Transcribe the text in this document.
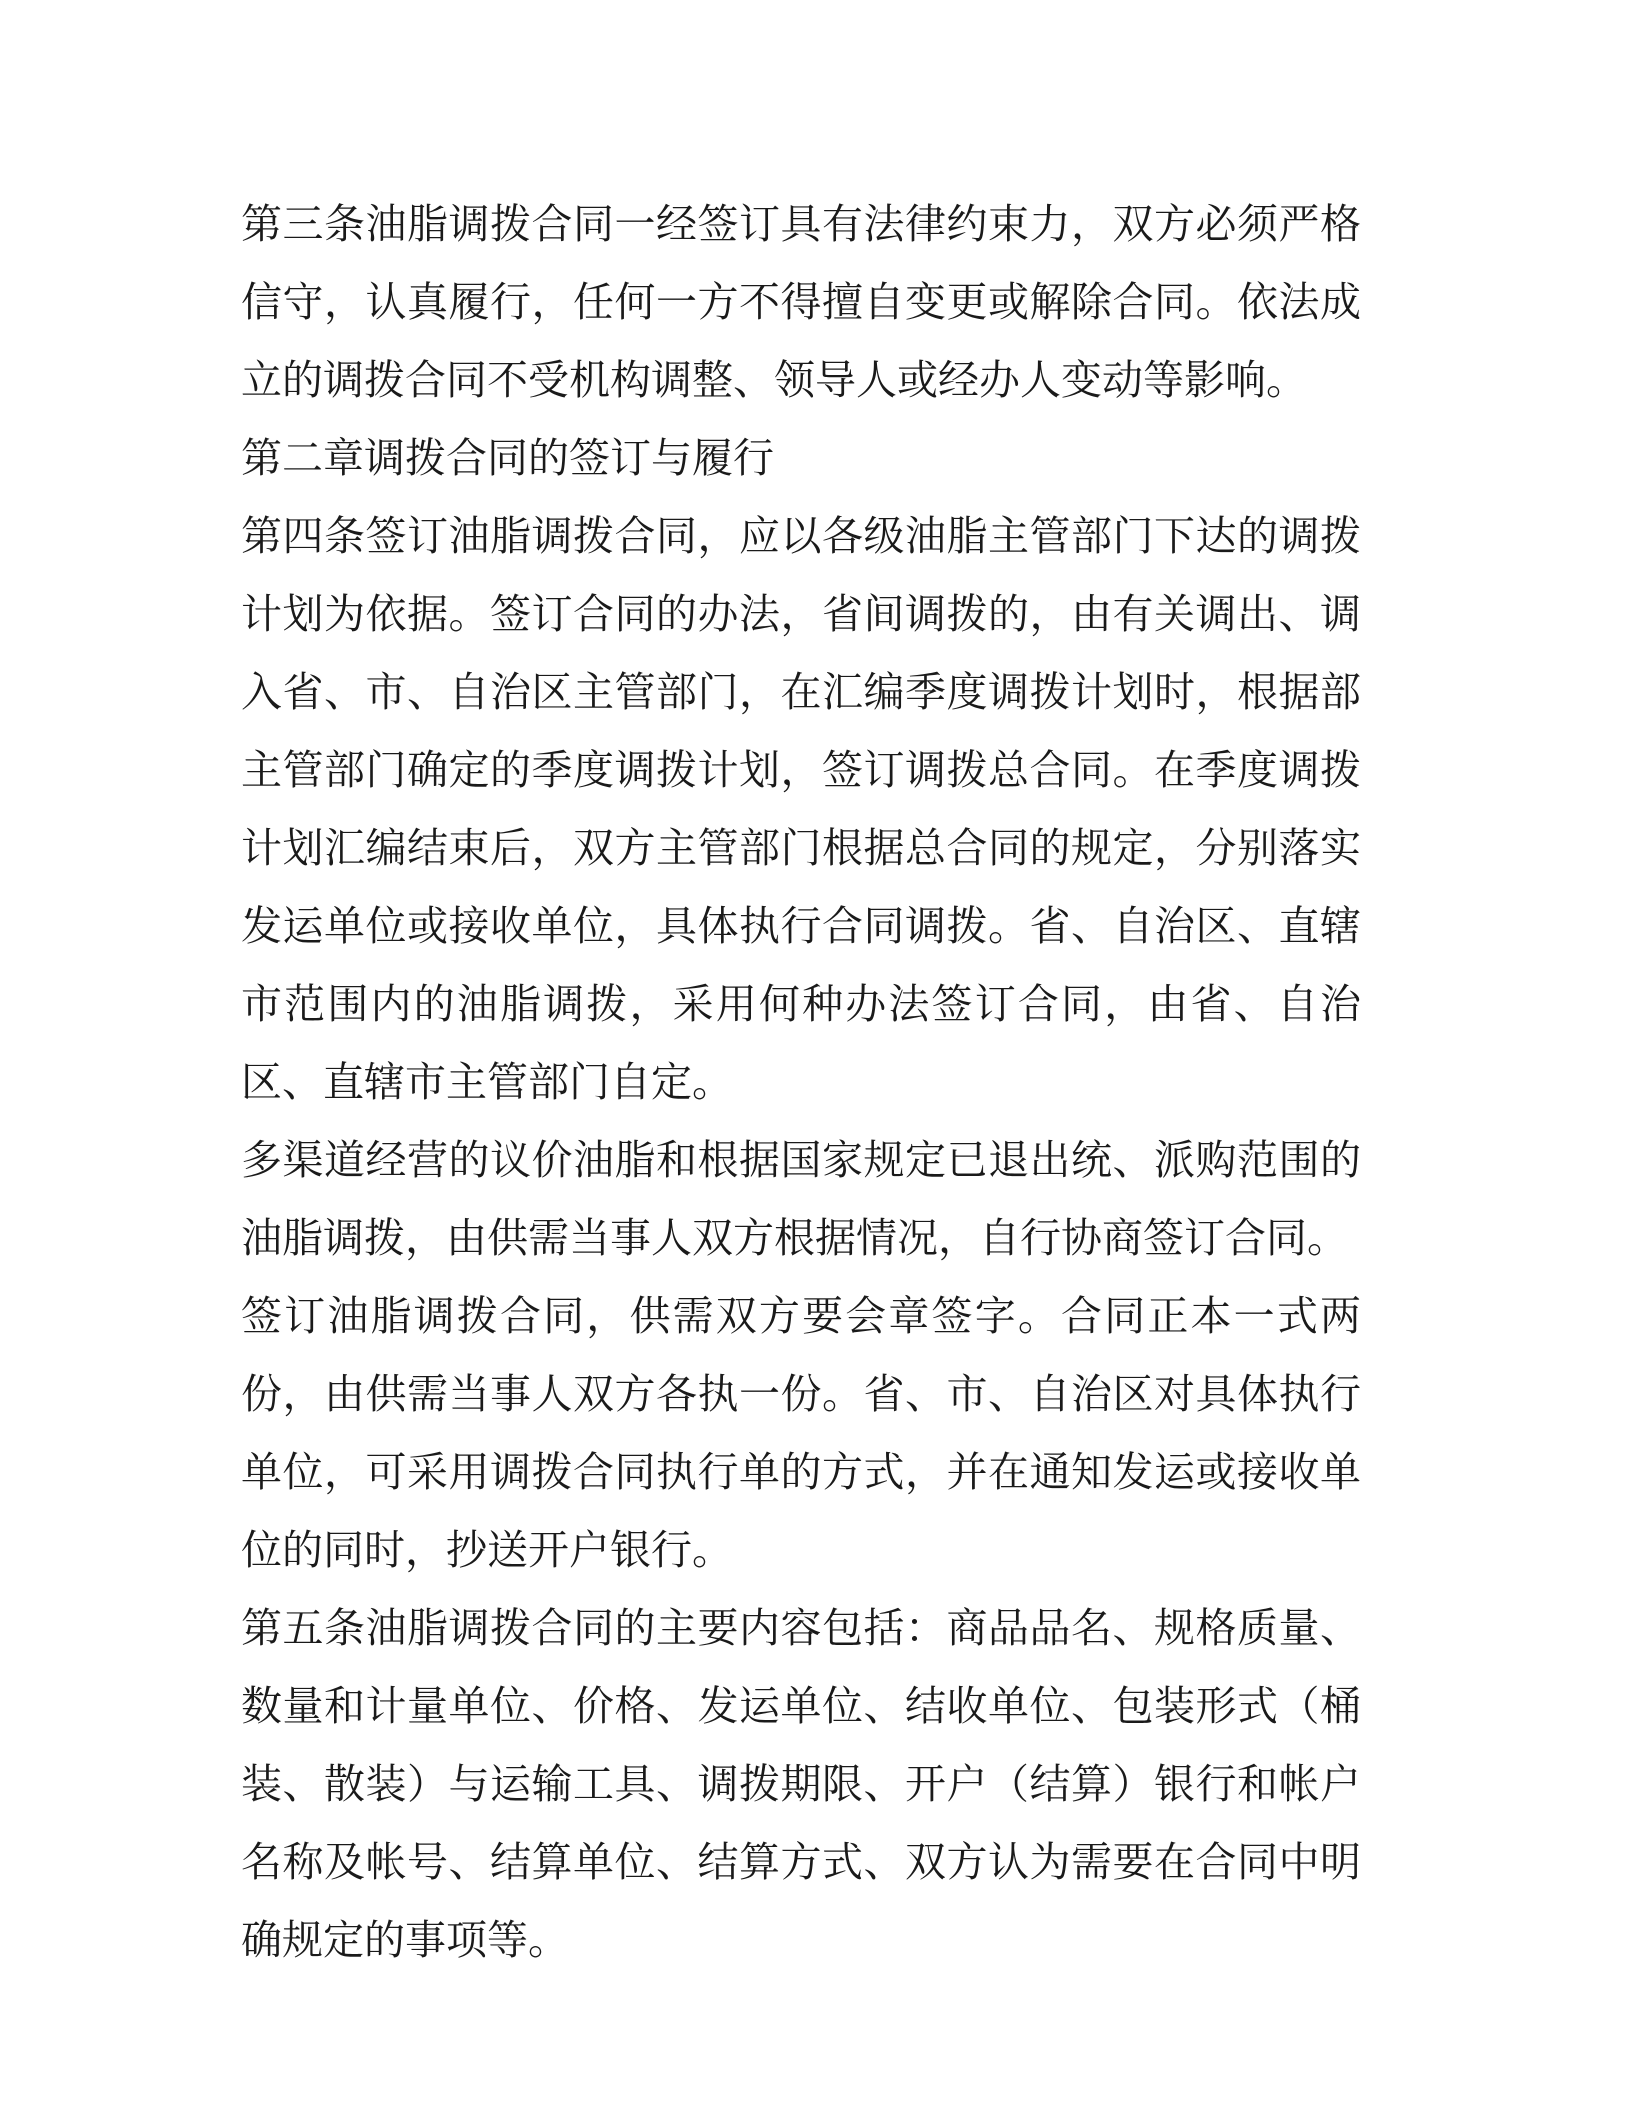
第三条油脂调拨合同一经签订具有法律约束力，双方必须严格信守，认真履行，任何一方不得擅自变更或解除合同。依法成立的调拨合同不受机构调整、领导人或经办人变动等影响。

第二章调拨合同的签订与履行

第四条签订油脂调拨合同，应以各级油脂主管部门下达的调拨计划为依据。签订合同的办法，省间调拨的，由有关调出、调入省、市、自治区主管部门，在汇编季度调拨计划时，根据部主管部门确定的季度调拨计划，签订调拨总合同。在季度调拨计划汇编结束后，双方主管部门根据总合同的规定，分别落实发运单位或接收单位，具体执行合同调拨。省、自治区、直辖市范围内的油脂调拨，采用何种办法签订合同，由省、自治区、直辖市主管部门自定。

多渠道经营的议价油脂和根据国家规定已退出统、派购范围的油脂调拨，由供需当事人双方根据情况，自行协商签订合同。

签订油脂调拨合同，供需双方要会章签字。合同正本一式两份，由供需当事人双方各执一份。省、市、自治区对具体执行单位，可采用调拨合同执行单的方式，并在通知发运或接收单位的同时，抄送开户银行。

第五条油脂调拨合同的主要内容包括：商品品名、规格质量、数量和计量单位、价格、发运单位、结收单位、包装形式（桶装、散装）与运输工具、调拨期限、开户（结算）银行和帐户名称及帐号、结算单位、结算方式、双方认为需要在合同中明确规定的事项等。
